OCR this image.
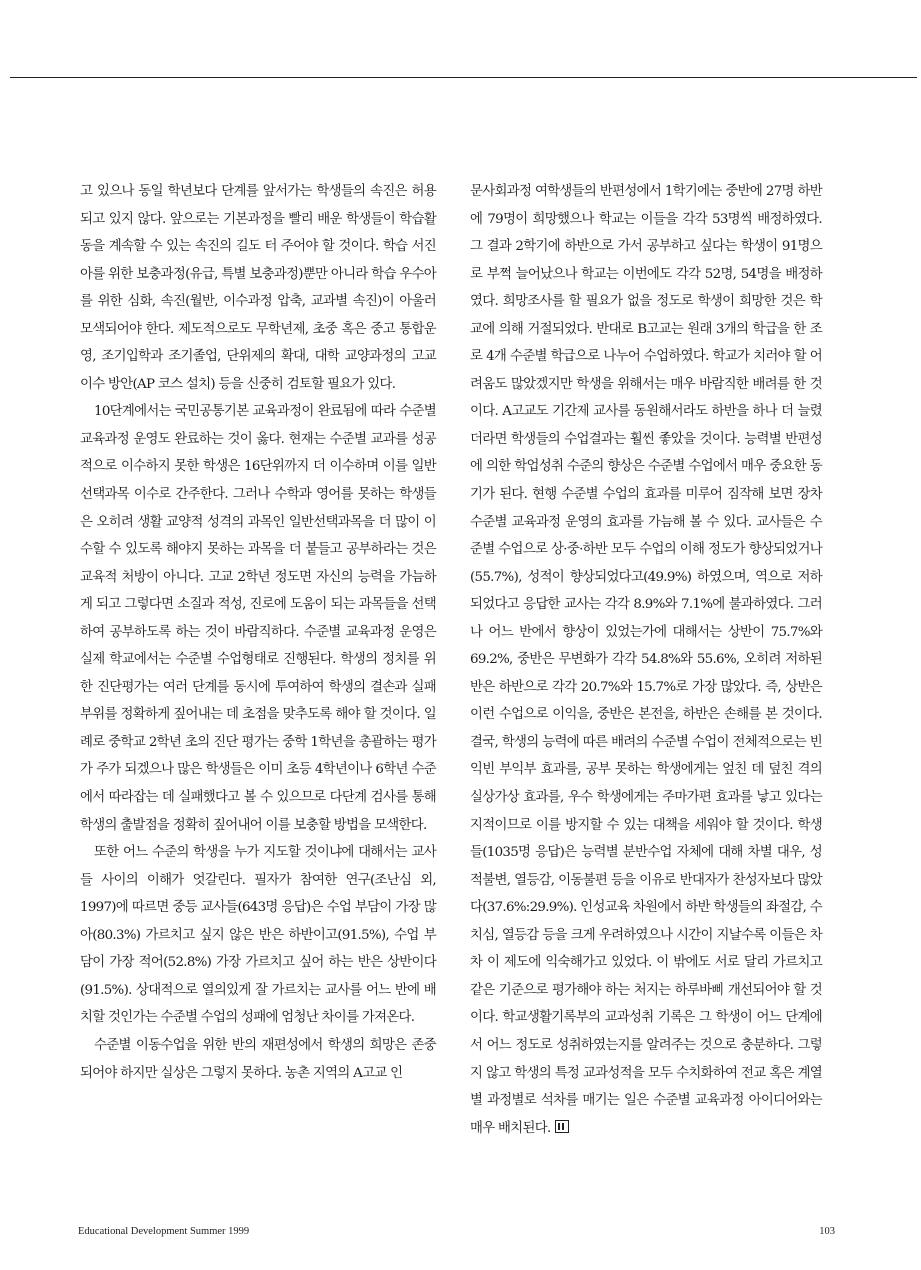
고 있으나 동일 학년보다 단계를 앞서가는 학생들의 속진은 허용되고 있지 않다. 앞으로는 기본과정을 빨리 배운 학생들이 학습활동을 계속할 수 있는 속진의 길도 터 주어야 할 것이다. 학습 서진아를 위한 보충과정(유급, 특별 보충과정)뿐만 아니라 학습 우수아를 위한 심화, 속진(월반, 이수과정 압축, 교과별 속진)이 아울러 모색되어야 한다. 제도적으로도 무학년제, 초중 혹은 중고 통합운영, 조기입학과 조기졸업, 단위제의 확대, 대학 교양과정의 고교 이수 방안(AP 코스 설치) 등을 신중히 검토할 필요가 있다.

10단계에서는 국민공통기본 교육과정이 완료됨에 따라 수준별 교육과정 운영도 완료하는 것이 옳다. 현재는 수준별 교과를 성공적으로 이수하지 못한 학생은 16단위까지 더 이수하며 이를 일반선택과목 이수로 간주한다. 그러나 수학과 영어를 못하는 학생들은 오히려 생활 교양적 성격의 과목인 일반선택과목을 더 많이 이수할 수 있도록 해야지 못하는 과목을 더 붙들고 공부하라는 것은 교육적 처방이 아니다. 고교 2학년 정도면 자신의 능력을 가늠하게 되고 그렇다면 소질과 적성, 진로에 도움이 되는 과목들을 선택하여 공부하도록 하는 것이 바람직하다. 수준별 교육과정 운영은 실제 학교에서는 수준별 수업형태로 진행된다. 학생의 정치를 위한 진단평가는 여러 단계를 동시에 투여하여 학생의 결손과 실패 부위를 정확하게 짚어내는 데 초점을 맞추도록 해야 할 것이다. 일례로 중학교 2학년 초의 진단 평가는 중학 1학년을 총괄하는 평가가 주가 되겠으나 많은 학생들은 이미 초등 4학년이나 6학년 수준에서 따라잡는 데 실패했다고 볼 수 있으므로 다단계 검사를 통해 학생의 출발점을 정확히 짚어내어 이를 보충할 방법을 모색한다.

또한 어느 수준의 학생을 누가 지도할 것이냐에 대해서는 교사들 사이의 이해가 엇갈린다. 필자가 참여한 연구(조난심 외, 1997)에 따르면 중등 교사들(643명 응답)은 수업 부담이 가장 많아(80.3%) 가르치고 싶지 않은 반은 하반이고(91.5%), 수업 부담이 가장 적어(52.8%) 가장 가르치고 싶어 하는 반은 상반이다(91.5%). 상대적으로 열의있게 잘 가르치는 교사를 어느 반에 배치할 것인가는 수준별 수업의 성패에 엄청난 차이를 가져온다.

수준별 이동수업을 위한 반의 재편성에서 학생의 희망은 존중되어야 하지만 실상은 그렇지 못하다. 농촌 지역의 A고교 인

문사회과정 여학생들의 반편성에서 1학기에는 중반에 27명 하반에 79명이 희망했으나 학교는 이들을 각각 53명씩 배정하였다. 그 결과 2학기에 하반으로 가서 공부하고 싶다는 학생이 91명으로 부쩍 늘어났으나 학교는 이번에도 각각 52명, 54명을 배정하였다. 희망조사를 할 필요가 없을 정도로 학생이 희망한 것은 학교에 의해 거절되었다. 반대로 B고교는 원래 3개의 학급을 한 조로 4개 수준별 학급으로 나누어 수업하였다. 학교가 치러야 할 어려움도 많았겠지만 학생을 위해서는 매우 바람직한 배려를 한 것이다. A고교도 기간제 교사를 동원해서라도 하반을 하나 더 늘렸더라면 학생들의 수업결과는 훨씬 좋았을 것이다. 능력별 반편성에 의한 학업성취 수준의 향상은 수준별 수업에서 매우 중요한 동기가 된다. 현행 수준별 수업의 효과를 미루어 짐작해 보면 장차 수준별 교육과정 운영의 효과를 가늠해 볼 수 있다. 교사들은 수준별 수업으로 상·중·하반 모두 수업의 이해 정도가 향상되었거나(55.7%), 성적이 향상되었다고(49.9%) 하였으며, 역으로 저하되었다고 응답한 교사는 각각 8.9%와 7.1%에 불과하였다. 그러나 어느 반에서 향상이 있었는가에 대해서는 상반이 75.7%와 69.2%, 중반은 무변화가 각각 54.8%와 55.6%, 오히려 저하된 반은 하반으로 각각 20.7%와 15.7%로 가장 많았다. 즉, 상반은 이런 수업으로 이익을, 중반은 본전을, 하반은 손해를 본 것이다. 결국, 학생의 능력에 따른 배려의 수준별 수업이 전체적으로는 빈익빈 부익부 효과를, 공부 못하는 학생에게는 엎친 데 덮친 격의 실상가상 효과를, 우수 학생에게는 주마가편 효과를 낳고 있다는 지적이므로 이를 방지할 수 있는 대책을 세워야 할 것이다. 학생들(1035명 응답)은 능력별 분반수업 자체에 대해 차별 대우, 성적불변, 열등감, 이동불편 등을 이유로 반대자가 찬성자보다 많았다(37.6%:29.9%). 인성교육 차원에서 하반 학생들의 좌절감, 수치심, 열등감 등을 크게 우려하였으나 시간이 지날수록 이들은 차차 이 제도에 익숙해가고 있었다. 이 밖에도 서로 달리 가르치고 같은 기준으로 평가해야 하는 처지는 하루바삐 개선되어야 할 것이다. 학교생활기록부의 교과성취 기록은 그 학생이 어느 단계에서 어느 정도로 성취하였는지를 알려주는 것으로 충분하다. 그렇지 않고 학생의 특정 교과성적을 모두 수치화하여 전교 혹은 계열별 과정별로 석차를 매기는 일은 수준별 교육과정 아이디어와는 매우 배치된다.

Educational Development Summer 1999	103
